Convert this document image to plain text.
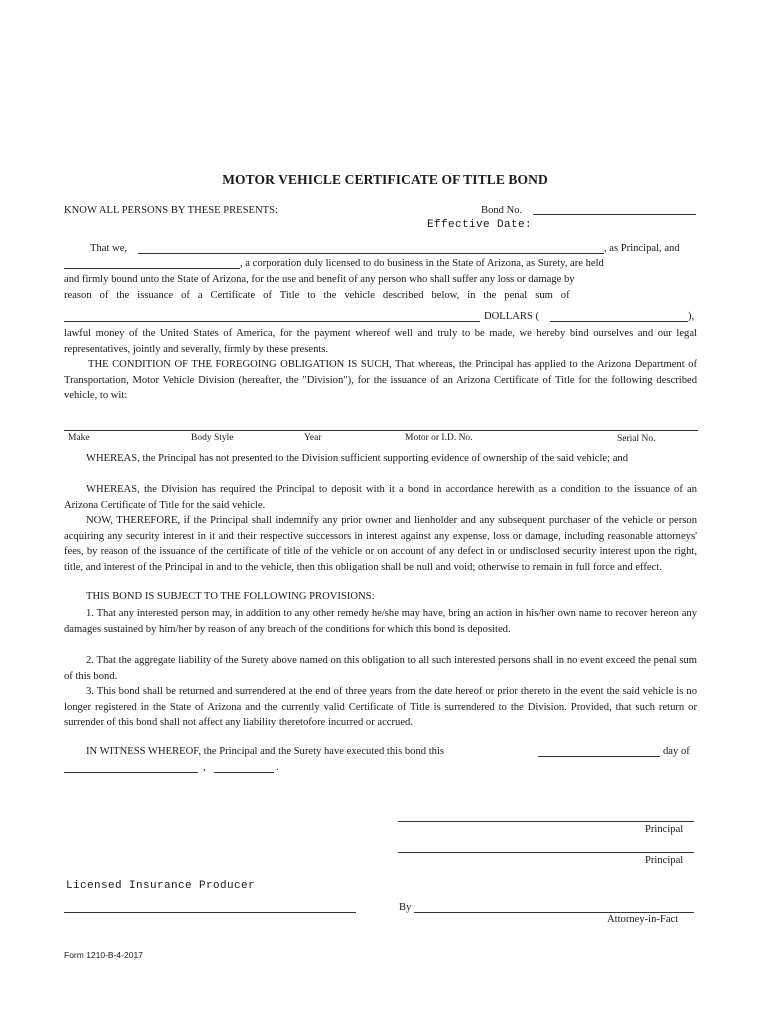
MOTOR VEHICLE CERTIFICATE OF TITLE BOND
KNOW ALL PERSONS BY THESE PRESENTS:	Bond No.
Effective Date:
That we,	, as Principal, and
, a corporation duly licensed to do business in the State of Arizona, as Surety, are held
and firmly bound unto the State of Arizona, for the use and benefit of any person who shall suffer any loss or damage by
reason   of   the   issuance   of   a   Certificate   of   Title   to   the   vehicle   described   below,   in   the   penal   sum   of
DOLLARS (	),
lawful money of the United States of America, for the payment whereof well and truly to be made, we hereby bind ourselves and our legal representatives, jointly and severally, firmly by these presents.
THE CONDITION OF THE FOREGOING OBLIGATION IS SUCH, That whereas, the Principal has applied to the Arizona Department of Transportation, Motor Vehicle Division (hereafter, the "Division"), for the issuance of an Arizona Certificate of Title for the following described vehicle, to wit:
Make	Body Style	Year	Motor or I.D. No.	Serial No.
WHEREAS, the Principal has not presented to the Division sufficient supporting evidence of ownership of the said vehicle; and
WHEREAS, the Division has required the Principal to deposit with it a bond in accordance herewith as a condition to the issuance of an Arizona Certificate of Title for the said vehicle.
NOW, THEREFORE, if the Principal shall indemnify any prior owner and lienholder and any subsequent purchaser of the vehicle or person acquiring any security interest in it and their respective successors in interest against any expense, loss or damage, including reasonable attorneys' fees, by reason of the issuance of the certificate of title of the vehicle or on account of any defect in or undisclosed security interest upon the right, title, and interest of the Principal in and to the vehicle, then this obligation shall be null and void; otherwise to remain in full force and effect.
THIS BOND IS SUBJECT TO THE FOLLOWING PROVISIONS:
1. That any interested person may, in addition to any other remedy he/she may have, bring an action in his/her own name to recover hereon any damages sustained by him/her by reason of any breach of the conditions for which this bond is deposited.
2. That the aggregate liability of the Surety above named on this obligation to all such interested persons shall in no event exceed the penal sum of this bond.
3. This bond shall be returned and surrendered at the end of three years from the date hereof or prior thereto in the event the said vehicle is no longer registered in the State of Arizona and the currently valid Certificate of Title is surrendered to the Division. Provided, that such return or surrender of this bond shall not affect any liability theretofore incurred or accrued.
IN WITNESS WHEREOF, the Principal and the Surety have executed this bond this	day of
,	.
Principal
Principal
Licensed Insurance Producer
By
Attorney-in-Fact
Form 1210-B-4-2017
